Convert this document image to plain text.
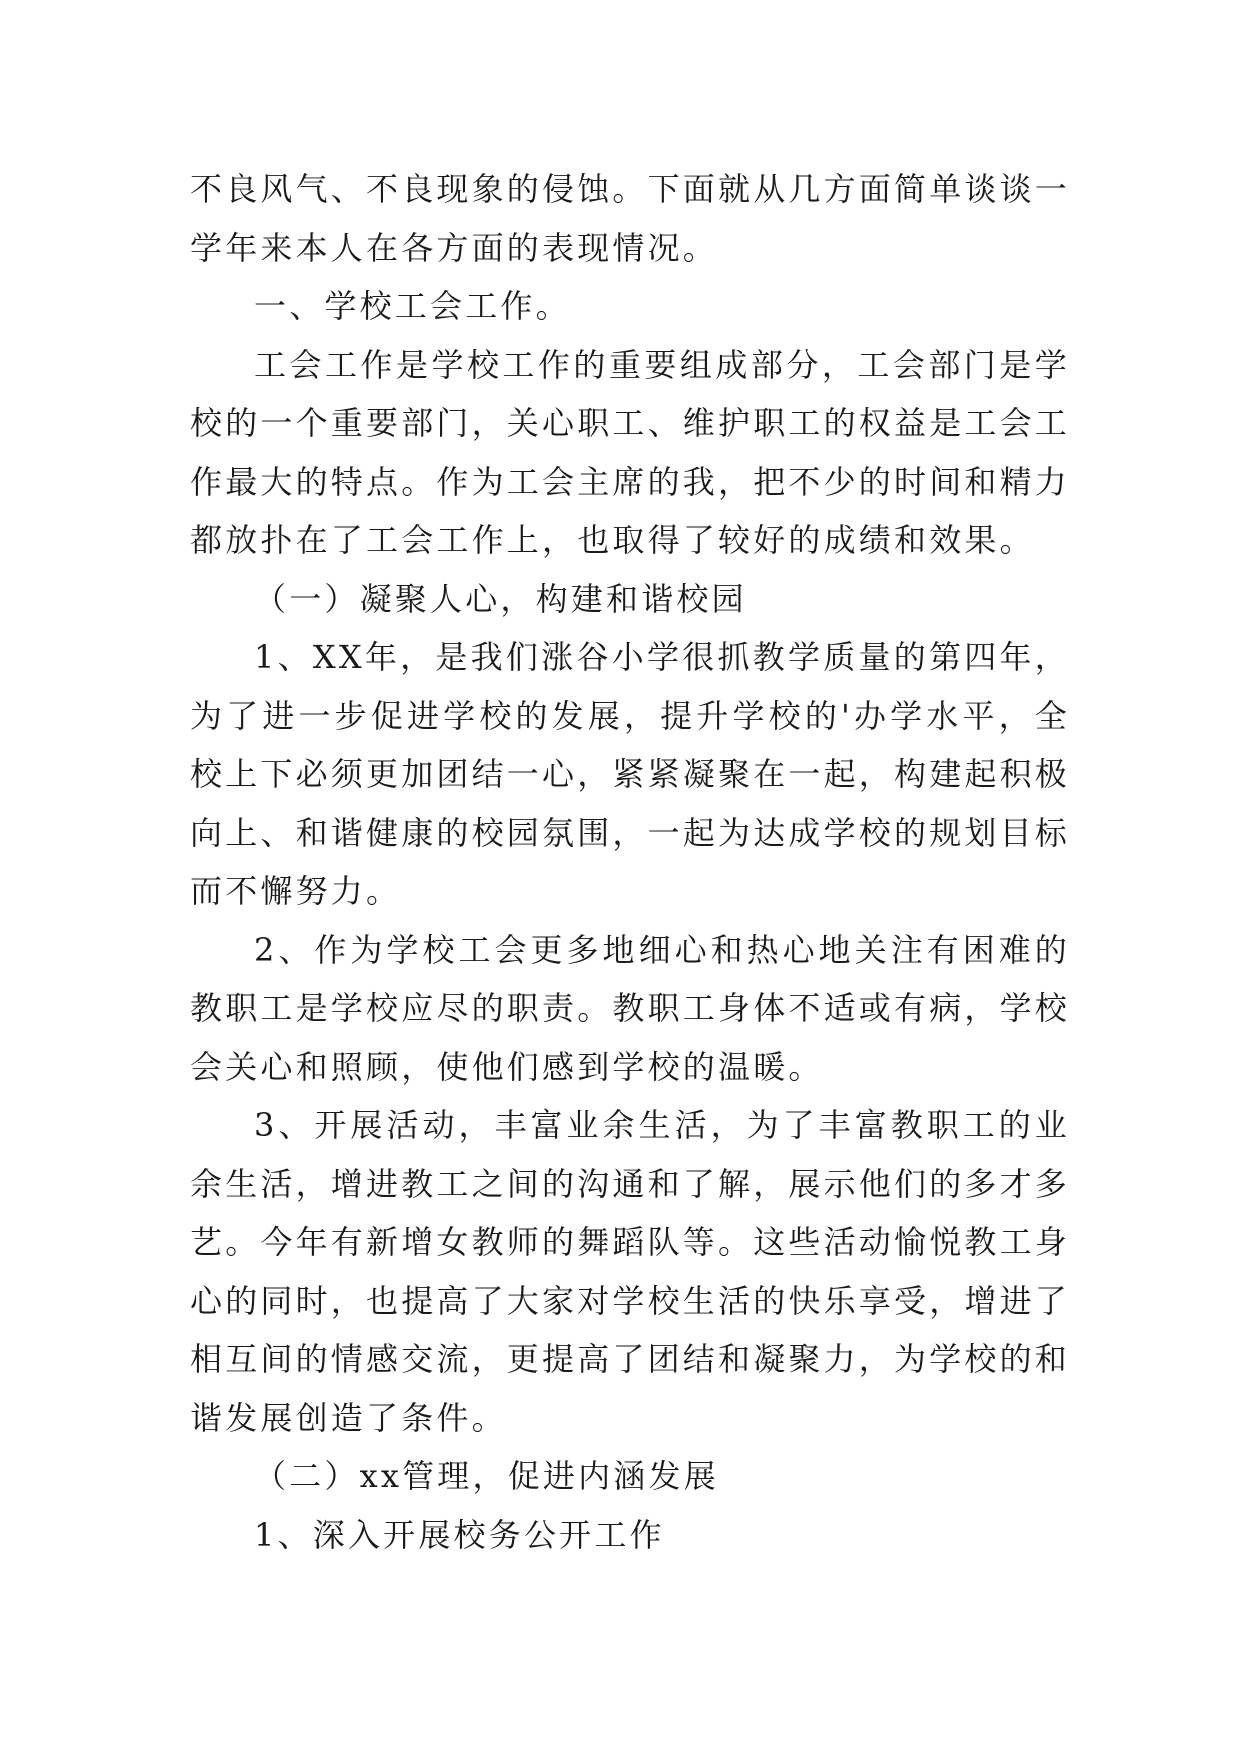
不良风气、不良现象的侵蚀。下面就从几方面简单谈谈一学年来本人在各方面的表现情况。

一、学校工会工作。

工会工作是学校工作的重要组成部分，工会部门是学校的一个重要部门，关心职工、维护职工的权益是工会工作最大的特点。作为工会主席的我，把不少的时间和精力都放扑在了工会工作上，也取得了较好的成绩和效果。

（一）凝聚人心，构建和谐校园

1、XX年，是我们涨谷小学很抓教学质量的第四年，为了进一步促进学校的发展，提升学校的'办学水平，全校上下必须更加团结一心，紧紧凝聚在一起，构建起积极向上、和谐健康的校园氛围，一起为达成学校的规划目标而不懈努力。

2、作为学校工会更多地细心和热心地关注有困难的教职工是学校应尽的职责。教职工身体不适或有病，学校会关心和照顾，使他们感到学校的温暖。

3、开展活动，丰富业余生活，为了丰富教职工的业余生活，增进教工之间的沟通和了解，展示他们的多才多艺。今年有新增女教师的舞蹈队等。这些活动愉悦教工身心的同时，也提高了大家对学校生活的快乐享受，增进了相互间的情感交流，更提高了团结和凝聚力，为学校的和谐发展创造了条件。

（二）xx管理，促进内涵发展

1、深入开展校务公开工作
